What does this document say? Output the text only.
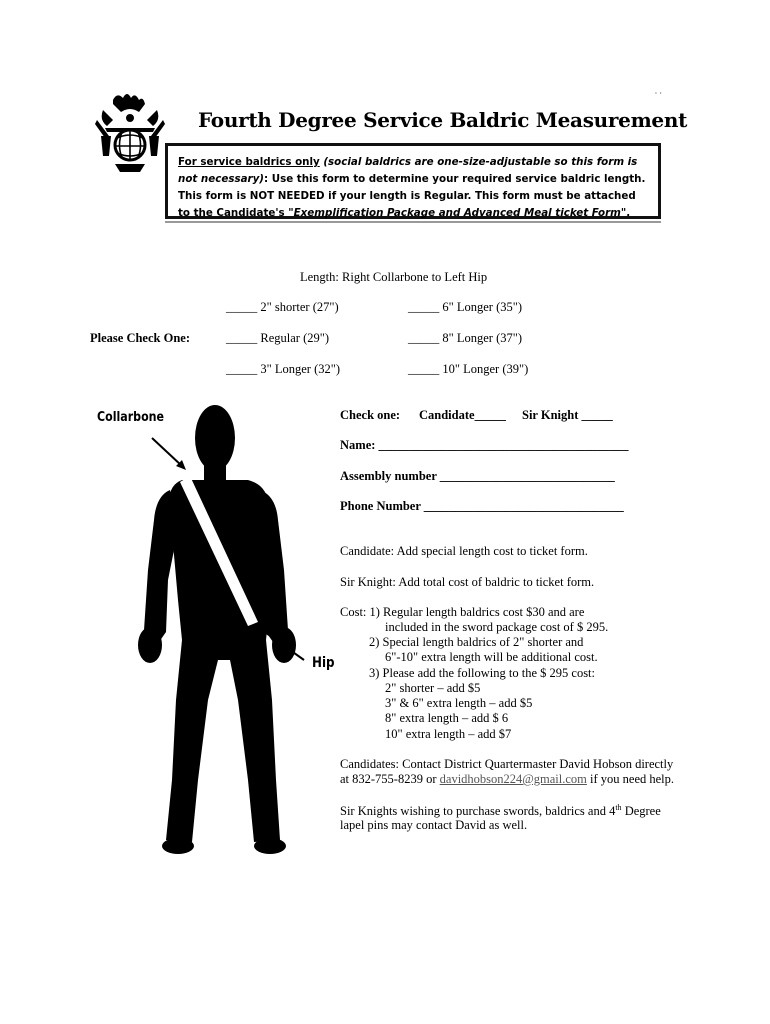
· ·
Fourth Degree Service Baldric Measurement
For service baldrics only (social baldrics are one-size-adjustable so this form is not necessary): Use this form to determine your required service baldric length. This form is NOT NEEDED if your length is Regular. This form must be attached to the Candidate's "Exemplification Package and Advanced Meal ticket Form".
Length: Right Collarbone to Left Hip
Please Check One:
_____ 2" shorter (27")	_____ 6" Longer (35")
_____ Regular (29")	_____ 8" Longer (37")
_____ 3" Longer (32")	_____ 10" Longer (39")
Collarbone
Hip
Check one: Candidate_____ Sir Knight _____
Name: ________________________________________
Assembly number ____________________________
Phone Number ________________________________
Candidate: Add special length cost to ticket form.
Sir Knight: Add total cost of baldric to ticket form.
Cost: 1) Regular length baldrics cost $30 and are
included in the sword package cost of $ 295.
2) Special length baldrics of 2" shorter and
6"-10" extra length will be additional cost.
3) Please add the following to the $ 295 cost:
2" shorter – add $5
3" & 6" extra length – add $5
8" extra length – add $ 6
10" extra length – add $7
Candidates: Contact District Quartermaster David Hobson directly
at 832-755-8239 or davidhobson224@gmail.com if you need help.
Sir Knights wishing to purchase swords, baldrics and 4th Degree
lapel pins may contact David as well.
